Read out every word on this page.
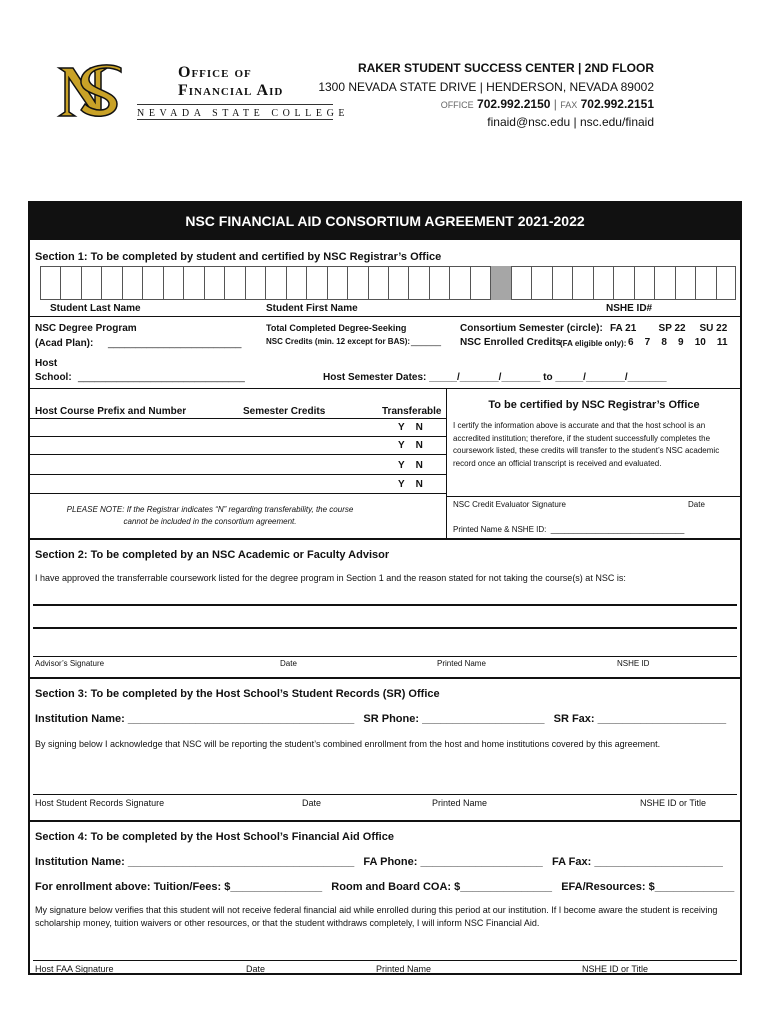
Office of
Financial Aid
NEVADA STATE COLLEGE
RAKER STUDENT SUCCESS CENTER | 2ND FLOOR
1300 NEVADA STATE DRIVE | HENDERSON, NEVADA 89002
OFFICE 702.992.2150 | FAX 702.992.2151
finaid@nsc.edu | nsc.edu/finaid
NSC FINANCIAL AID CONSORTIUM AGREEMENT 2021-2022
Section 1: To be completed by student and certified by NSC Registrar’s Office
Student Last Name	Student First Name	NSHE ID#
NSC Degree Program
(Acad Plan): ________________________
Total Completed Degree-Seeking
NSC Credits (min. 12 except for BAS): ______
Consortium Semester (circle): FA 21        SP 22     SU 22
NSC Enrolled Credits
(FA eligible only): 6    7    8    9    10    11
Host
School: ______________________________	Host Semester Dates: _____/_______/_______ to _____/_______/_______
Host Course Prefix and Number	Semester Credits	Transferable
Y    N
Y    N
Y    N
Y    N
PLEASE NOTE: If the Registrar indicates “N” regarding transferability, the course cannot be included in the consortium agreement.
To be certified by NSC Registrar’s Office
I certify the information above is accurate and that the host school is an accredited institution; therefore, if the student successfully completes the coursework listed, these credits will transfer to the student’s NSC academic record once an official transcript is received and evaluated.
NSC Credit Evaluator Signature	Date
Printed Name & NSHE ID:  ______________________________
Section 2: To be completed by an NSC Academic or Faculty Advisor
I have approved the transferrable coursework listed for the degree program in Section 1 and the reason stated for not taking the course(s) at NSC is:
Advisor’s Signature	Date	Printed Name	NSHE ID
Section 3: To be completed by the Host School’s Student Records (SR) Office
Institution Name: _____________________________________   SR Phone: ____________________   SR Fax: _____________________
By signing below I acknowledge that NSC will be reporting the student’s combined enrollment from the host and home institutions covered by this agreement.
Host Student Records Signature	Date	Printed Name	NSHE ID or Title
Section 4: To be completed by the Host School’s Financial Aid Office
Institution Name: _____________________________________   FA Phone: ____________________   FA Fax: _____________________
For enrollment above: Tuition/Fees: $_______________   Room and Board COA: $_______________   EFA/Resources: $_____________
My signature below verifies that this student will not receive federal financial aid while enrolled during this period at our institution. If I become aware the student is receiving scholarship money, tuition waivers or other resources, or that the student withdraws completely, I will inform NSC Financial Aid.
Host FAA Signature	Date	Printed Name	NSHE ID or Title
